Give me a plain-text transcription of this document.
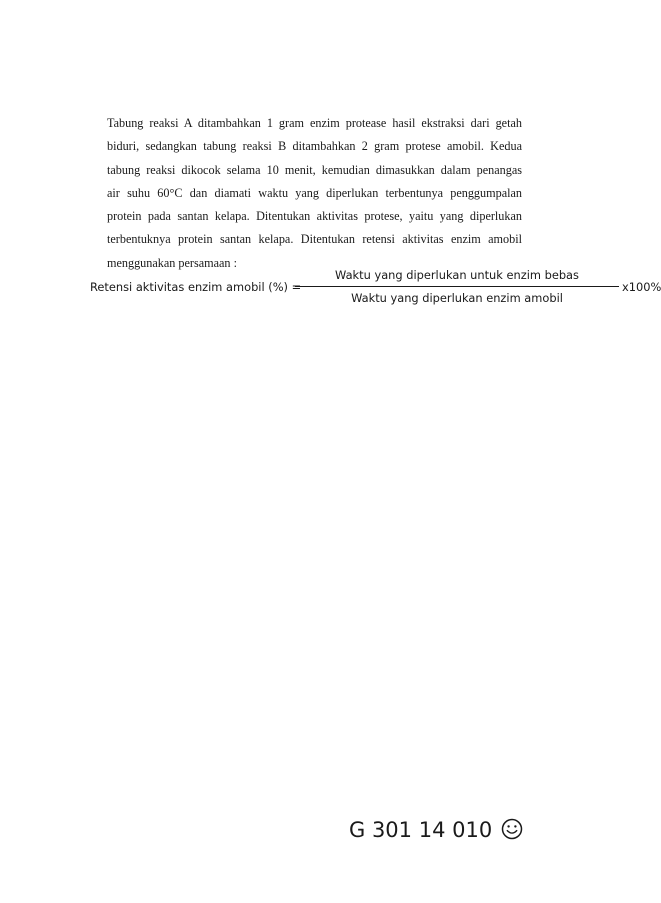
Tabung reaksi A ditambahkan 1 gram enzim protease hasil ekstraksi dari getah
biduri, sedangkan tabung reaksi B ditambahkan 2 gram protese amobil. Kedua
tabung reaksi dikocok selama 10 menit, kemudian dimasukkan dalam penangas
air suhu 60°C dan diamati waktu yang diperlukan terbentunya penggumpalan
protein pada santan kelapa. Ditentukan aktivitas protese, yaitu yang diperlukan
terbentuknya protein santan kelapa. Ditentukan retensi aktivitas enzim amobil
menggunakan persamaan :

Retensi aktivitas enzim amobil (%) =
Waktu yang diperlukan untuk enzim bebas
Waktu yang diperlukan enzim amobil
x100%
G 301 14 010
